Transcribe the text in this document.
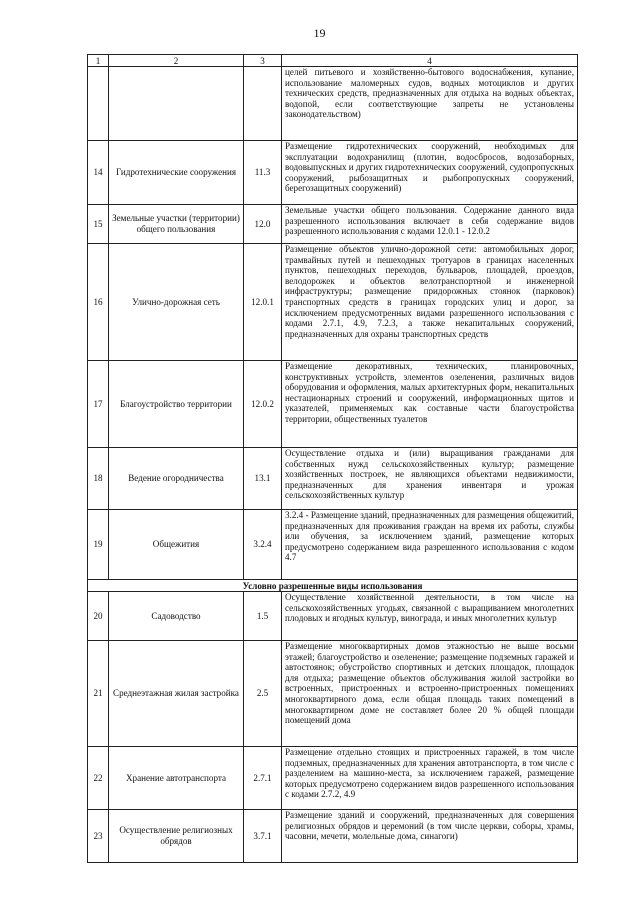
19
1	2	3	4
			целей питьевого и хозяйственно-бытового водоснабжения, купание, использование маломерных судов, водных мотоциклов и других технических средств, предназначенных для отдыха на водных объектах, водопой, если соответствующие запреты не установлены законодательством)
14	Гидротехнические сооружения	11.3	Размещение гидротехнических сооружений, необходимых для эксплуатации водохранилищ (плотин, водосбросов, водозаборных, водовыпускных и других гидротехнических сооружений, судопропускных сооружений, рыбозащитных и рыбопропускных сооружений, берегозащитных сооружений)
15	Земельные участки (территории) общего пользования	12.0	Земельные участки общего пользования. Содержание данного вида разрешенного использования включает в себя содержание видов разрешенного использования с кодами 12.0.1 - 12.0.2
16	Улично-дорожная сеть	12.0.1	Размещение объектов улично-дорожной сети: автомобильных дорог, трамвайных путей и пешеходных тротуаров в границах населенных пунктов, пешеходных переходов, бульваров, площадей, проездов, велодорожек и объектов велотранспортной и инженерной инфраструктуры; размещение придорожных стоянок (парковок) транспортных средств в границах городских улиц и дорог, за исключением предусмотренных видами разрешенного использования с кодами 2.7.1, 4.9, 7.2.3, а также некапитальных сооружений, предназначенных для охраны транспортных средств
17	Благоустройство территории	12.0.2	Размещение декоративных, технических, планировочных, конструктивных устройств, элементов озеленения, различных видов оборудования и оформления, малых архитектурных форм, некапитальных нестационарных строений и сооружений, информационных щитов и указателей, применяемых как составные части благоустройства территории, общественных туалетов
18	Ведение огородничества	13.1	Осуществление отдыха и (или) выращивания гражданами для собственных нужд сельскохозяйственных культур; размещение хозяйственных построек, не являющихся объектами недвижимости, предназначенных для хранения инвентаря и урожая сельскохозяйственных культур
19	Общежития	3.2.4	3.2.4 - Размещение зданий, предназначенных для размещения общежитий, предназначенных для проживания граждан на время их работы, службы или обучения, за исключением зданий, размещение которых предусмотрено содержанием вида разрешенного использования с кодом 4.7
Условно разрешенные виды использования			
20	Садоводство	1.5	Осуществление хозяйственной деятельности, в том числе на сельскохозяйственных угодьях, связанной с выращиванием многолетних плодовых и ягодных культур, винограда, и иных многолетних культур
21	Среднеэтажная жилая застройка	2.5	Размещение многоквартирных домов этажностью не выше восьми этажей; благоустройство и озеленение; размещение подземных гаражей и автостоянок; обустройство спортивных и детских площадок, площадок для отдыха; размещение объектов обслуживания жилой застройки во встроенных, пристроенных и встроенно-пристроенных помещениях многоквартирного дома, если общая площадь таких помещений в многоквартирном доме не составляет более 20 % общей площади помещений дома
22	Хранение автотранспорта	2.7.1	Размещение отдельно стоящих и пристроенных гаражей, в том числе подземных, предназначенных для хранения автотранспорта, в том числе с разделением на машино-места, за исключением гаражей, размещение которых предусмотрено содержанием видов разрешенного использования с кодами 2.7.2, 4.9
23	Осуществление религиозных обрядов	3.7.1	Размещение зданий и сооружений, предназначенных для совершения религиозных обрядов и церемоний (в том числе церкви, соборы, храмы, часовни, мечети, молельные дома, синагоги)
